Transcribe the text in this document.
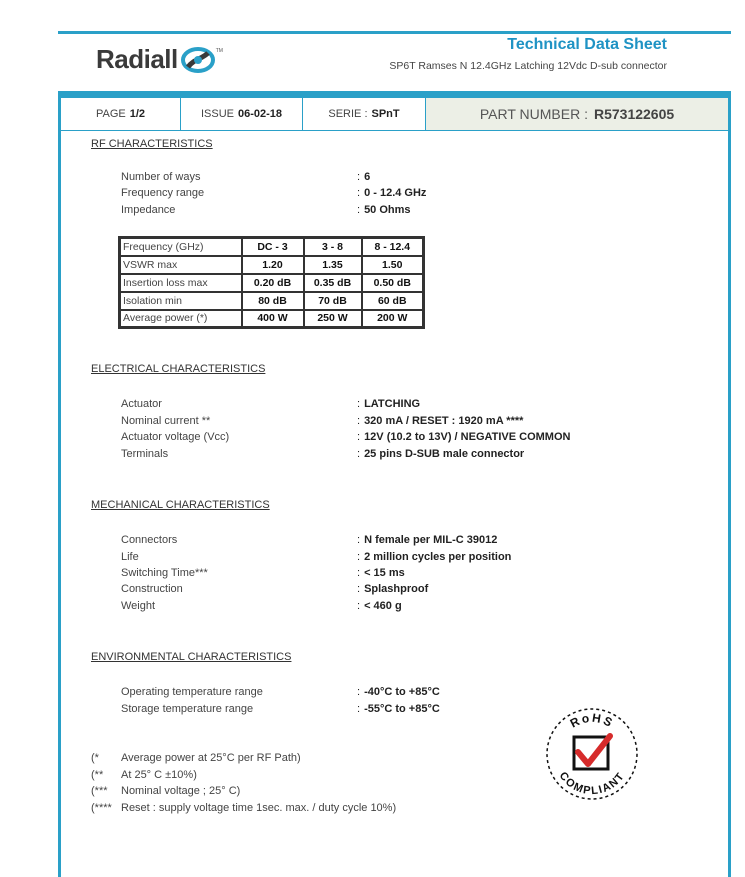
Radiall	TM	Technical Data Sheet
SP6T Ramses N 12.4GHz Latching 12Vdc D-sub connector
PAGE 1/2	ISSUE 06-02-18	SERIE : SPnT	PART NUMBER : R573122605
RF CHARACTERISTICS
Number of ways	: 6
Frequency range	: 0 - 12.4 GHz
Impedance	: 50 Ohms
Frequency (GHz)	DC - 3	3 - 8	8 - 12.4
VSWR max	1.20	1.35	1.50
Insertion loss max	0.20 dB	0.35 dB	0.50 dB
Isolation min	80 dB	70 dB	60 dB
Average power (*)	400 W	250 W	200 W
ELECTRICAL CHARACTERISTICS
Actuator	: LATCHING
Nominal current **	: 320 mA / RESET : 1920 mA ****
Actuator voltage (Vcc)	: 12V (10.2 to 13V) / NEGATIVE COMMON
Terminals	: 25 pins D-SUB male connector
MECHANICAL CHARACTERISTICS
Connectors	: N female per MIL-C 39012
Life	: 2 million cycles per position
Switching Time***	: < 15 ms
Construction	: Splashproof
Weight	: < 460 g
ENVIRONMENTAL CHARACTERISTICS
Operating temperature range	: -40°C to +85°C
Storage temperature range	: -55°C to +85°C
(* Average power at 25°C per RF Path)
(** At 25° C ±10%)
(*** Nominal voltage ; 25° C)
(**** Reset : supply voltage time 1sec. max. / duty cycle 10%)
RoHS
COMPLIANT
